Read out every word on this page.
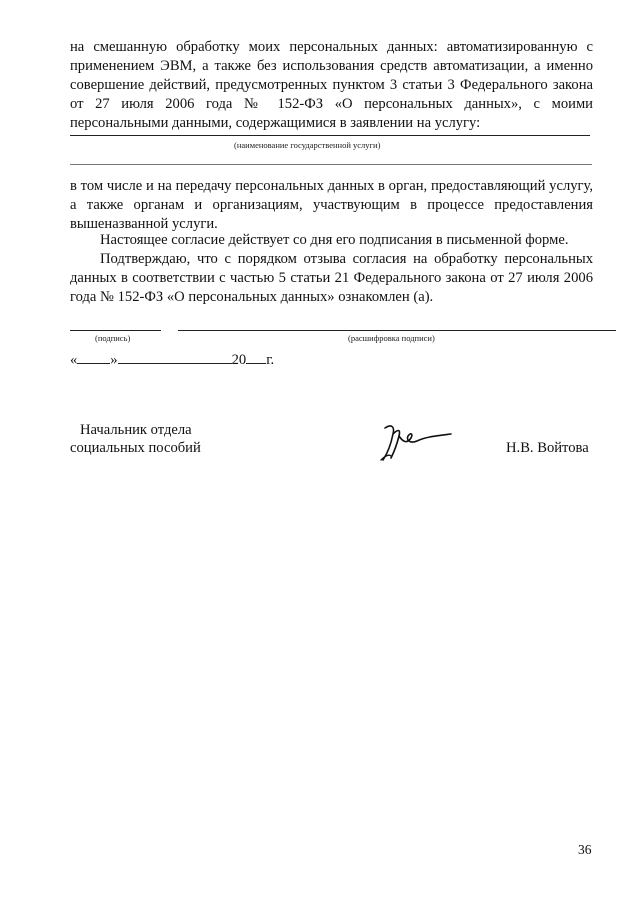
на смешанную обработку моих персональных данных: автоматизированную с применением ЭВМ, а также без использования средств автоматизации, а именно совершение действий, предусмотренных пунктом 3 статьи 3 Федерального закона от 27 июля 2006 года № 152-ФЗ «О персональных данных», с моими персональными данными, содержащимися в заявлении на услугу:

(наименование государственной услуги)

в том числе и на передачу персональных данных в орган, предоставляющий услугу, а также органам и организациям, участвующим в процессе предоставления вышеназванной услуги.

Настоящее согласие действует со дня его подписания в письменной форме.

Подтверждаю, что с порядком отзыва согласия на обработку персональных данных в соответствии с частью 5 статьи 21 Федерального закона от 27 июля 2006 года № 152-ФЗ «О персональных данных» ознакомлен (а).

(подпись)	(расшифровка подписи)
« »	20 г.
Начальник отдела
социальных пособий	Н.В. Войтова
36
